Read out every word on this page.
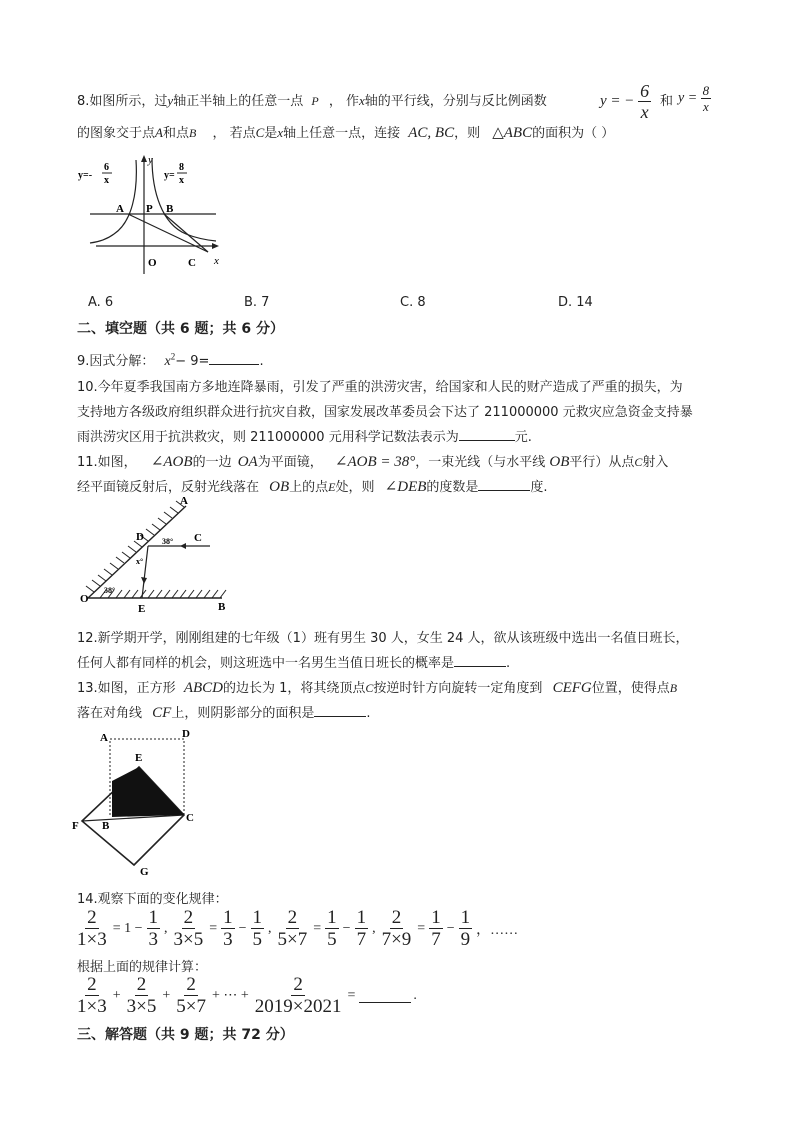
8.如图所示，过y轴正半轴上的任意一点 P ， 作x轴的平行线，分别与反比例函数	y = − $\frac{6}{x}$ 和 $y = \frac{8}{x}$
的图象交于点A和点B ， 若点C是x轴上任意一点，连接 AC, BC，则 △ABC的面积为（ ）
y=-
6
x	y=
8
x
y
x
A P B
O	C
A. 6	B. 7	C. 8	D. 14
二、填空题（共 6 题；共 6 分）
9.因式分解： $x^2- 9=$	.
10.今年夏季我国南方多地连降暴雨，引发了严重的洪涝灾害，给国家和人民的财产造成了严重的损失，为
支持地方各级政府组织群众进行抗灾自救，国家发展改革委员会下达了 211000000 元救灾应急资金支持暴
雨洪涝灾区用于抗洪救灾，则 211000000 元用科学记数法表示为	元.
11.如图， ∠AOB的一边 OA为平面镜， ∠AOB = 38°，一束光线（与水平线 OB平行）从点C射入
经平面镜反射后，反射光线落在 OB上的点E处，则 ∠DEB的度数是	度.
A
B
C
D
E
O
38°
x°
38°
12.新学期开学，刚刚组建的七年级（1）班有男生 30 人，女生 24 人，欲从该班级中选出一名值日班长，
任何人都有同样的机会，则这班选中一名男生当值日班长的概率是	.
13.如图，正方形 ABCD的边长为 1，将其绕顶点C按逆时针方向旋转一定角度到 CEFG位置，使得点B
落在对角线 CF上，则阴影部分的面积是	.
A	D
E
F B
C
G
14.观察下面的变化规律：
$\frac{2}{1\times 3} = 1 - \frac{1}{3}$ , $\frac{2}{3\times 5} = \frac{1}{3} - \frac{1}{5}$ , $\frac{2}{5\times 7} = \frac{1}{5} - \frac{1}{7}$ , $\frac{2}{7\times 9} = \frac{1}{7} - \frac{1}{9}$ ，……
根据上面的规律计算：
$\frac{2}{1\times 3} + \frac{2}{3\times 5} + \frac{2}{5\times 7}$ + ⋯ + $\frac{2}{2019\times 2021}$ =	.
三、解答题（共 9 题；共 72 分）
